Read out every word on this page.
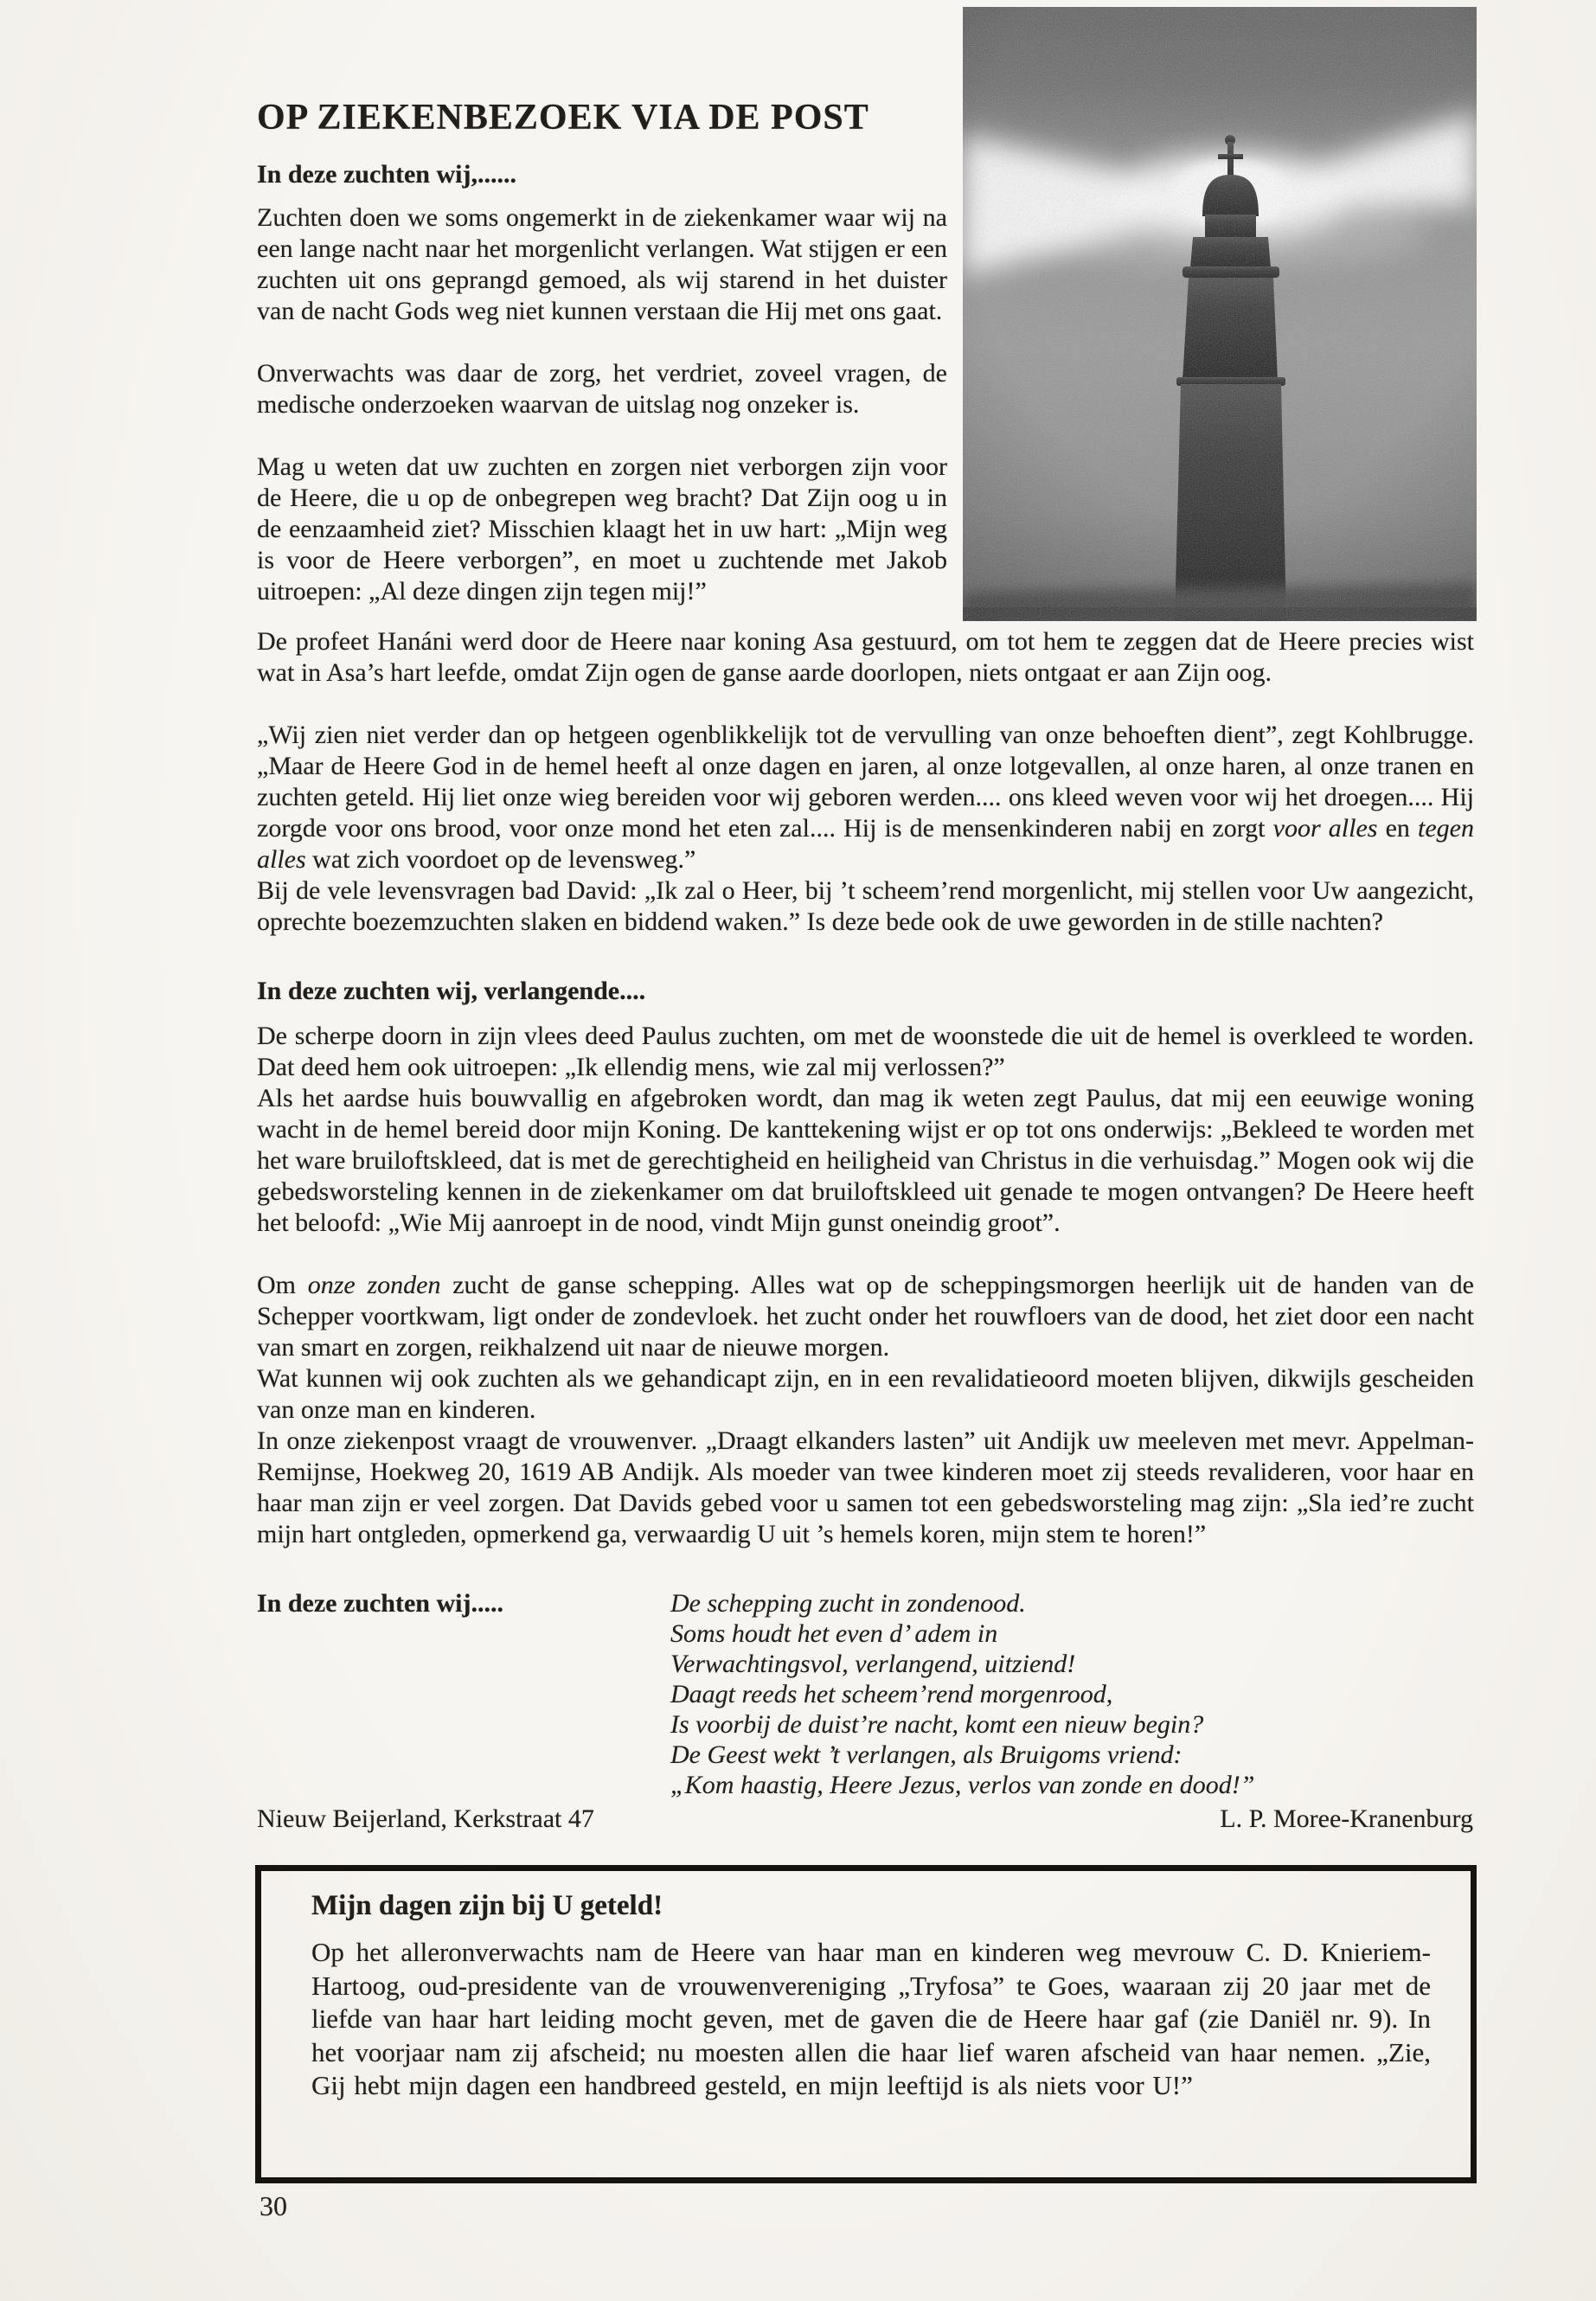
OP ZIEKENBEZOEK VIA DE POST
In deze zuchten wij,......
Zuchten doen we soms ongemerkt in de ziekenkamer waar wij na een lange nacht naar het morgenlicht verlangen. Wat stijgen er een zuchten uit ons geprangd gemoed, als wij starend in het duister van de nacht Gods weg niet kunnen verstaan die Hij met ons gaat.
Onverwachts was daar de zorg, het verdriet, zoveel vragen, de medische onderzoeken waarvan de uitslag nog onzeker is.
Mag u weten dat uw zuchten en zorgen niet verborgen zijn voor de Heere, die u op de onbegrepen weg bracht? Dat Zijn oog u in de eenzaamheid ziet? Misschien klaagt het in uw hart: „Mijn weg is voor de Heere verborgen”, en moet u zuchtende met Jakob uitroepen: „Al deze dingen zijn tegen mij!”
De profeet Hanáni werd door de Heere naar koning Asa gestuurd, om tot hem te zeggen dat de Heere precies wist wat in Asa’s hart leefde, omdat Zijn ogen de ganse aarde doorlopen, niets ontgaat er aan Zijn oog.
„Wij zien niet verder dan op hetgeen ogenblikkelijk tot de vervulling van onze behoeften dient”, zegt Kohlbrugge. „Maar de Heere God in de hemel heeft al onze dagen en jaren, al onze lotgevallen, al onze haren, al onze tranen en zuchten geteld. Hij liet onze wieg bereiden voor wij geboren werden.... ons kleed weven voor wij het droegen.... Hij zorgde voor ons brood, voor onze mond het eten zal.... Hij is de mensenkinderen nabij en zorgt voor alles en tegen alles wat zich voordoet op de levensweg.”
Bij de vele levensvragen bad David: „Ik zal o Heer, bij ’t scheem’rend morgenlicht, mij stellen voor Uw aangezicht, oprechte boezemzuchten slaken en biddend waken.” Is deze bede ook de uwe geworden in de stille nachten?
In deze zuchten wij, verlangende....
De scherpe doorn in zijn vlees deed Paulus zuchten, om met de woonstede die uit de hemel is overkleed te worden. Dat deed hem ook uitroepen: „Ik ellendig mens, wie zal mij verlossen?”
Als het aardse huis bouwvallig en afgebroken wordt, dan mag ik weten zegt Paulus, dat mij een eeuwige woning wacht in de hemel bereid door mijn Koning. De kanttekening wijst er op tot ons onderwijs: „Bekleed te worden met het ware bruiloftskleed, dat is met de gerechtigheid en heiligheid van Christus in die verhuisdag.” Mogen ook wij die gebedsworsteling kennen in de ziekenkamer om dat bruiloftskleed uit genade te mogen ontvangen? De Heere heeft het beloofd: „Wie Mij aanroept in de nood, vindt Mijn gunst oneindig groot”.
Om onze zonden zucht de ganse schepping. Alles wat op de scheppingsmorgen heerlijk uit de handen van de Schepper voortkwam, ligt onder de zondevloek. het zucht onder het rouwfloers van de dood, het ziet door een nacht van smart en zorgen, reikhalzend uit naar de nieuwe morgen.
Wat kunnen wij ook zuchten als we gehandicapt zijn, en in een revalidatieoord moeten blijven, dikwijls gescheiden van onze man en kinderen.
In onze ziekenpost vraagt de vrouwenver. „Draagt elkanders lasten” uit Andijk uw meeleven met mevr. Appelman-Remijnse, Hoekweg 20, 1619 AB Andijk. Als moeder van twee kinderen moet zij steeds revalideren, voor haar en haar man zijn er veel zorgen. Dat Davids gebed voor u samen tot een gebedsworsteling mag zijn: „Sla ied’re zucht mijn hart ontgleden, opmerkend ga, verwaardig U uit ’s hemels koren, mijn stem te horen!”
In deze zuchten wij.....	De schepping zucht in zondenood.
Soms houdt het even d’ adem in
Verwachtingsvol, verlangend, uitziend!
Daagt reeds het scheem’rend morgenrood,
Is voorbij de duist’re nacht, komt een nieuw begin?
De Geest wekt ’t verlangen, als Bruigoms vriend:
„Kom haastig, Heere Jezus, verlos van zonde en dood!”
Nieuw Beijerland, Kerkstraat 47	L. P. Moree-Kranenburg
Mijn dagen zijn bij U geteld!
Op het alleronverwachts nam de Heere van haar man en kinderen weg mevrouw C. D. Knieriem-Hartoog, oud-presidente van de vrouwenvereniging „Tryfosa” te Goes, waaraan zij 20 jaar met de liefde van haar hart leiding mocht geven, met de gaven die de Heere haar gaf (zie Daniël nr. 9). In het voorjaar nam zij afscheid; nu moesten allen die haar lief waren afscheid van haar nemen. „Zie, Gij hebt mijn dagen een handbreed gesteld, en mijn leeftijd is als niets voor U!”
30
